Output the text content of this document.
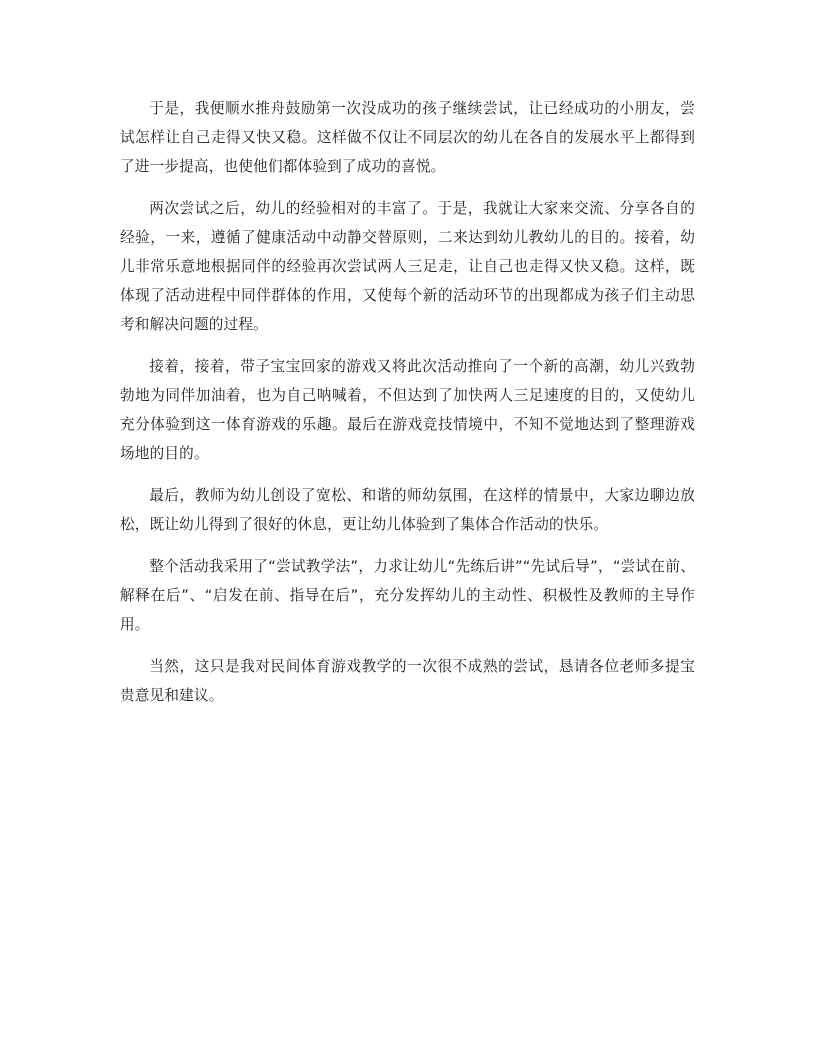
于是，我便顺水推舟鼓励第一次没成功的孩子继续尝试，让已经成功的小朋友，尝试怎样让自己走得又快又稳。这样做不仅让不同层次的幼儿在各自的发展水平上都得到了进一步提高，也使他们都体验到了成功的喜悦。

两次尝试之后，幼儿的经验相对的丰富了。于是，我就让大家来交流、分享各自的经验，一来，遵循了健康活动中动静交替原则，二来达到幼儿教幼儿的目的。接着，幼儿非常乐意地根据同伴的经验再次尝试两人三足走，让自己也走得又快又稳。这样，既体现了活动进程中同伴群体的作用，又使每个新的活动环节的出现都成为孩子们主动思考和解决问题的过程。

接着，接着，带子宝宝回家的游戏又将此次活动推向了一个新的高潮，幼儿兴致勃勃地为同伴加油着，也为自己呐喊着，不但达到了加快两人三足速度的目的，又使幼儿充分体验到这一体育游戏的乐趣。最后在游戏竞技情境中，不知不觉地达到了整理游戏场地的目的。

最后，教师为幼儿创设了宽松、和谐的师幼氛围，在这样的情景中，大家边聊边放松，既让幼儿得到了很好的休息，更让幼儿体验到了集体合作活动的快乐。

整个活动我采用了“尝试教学法”，力求让幼儿“先练后讲”“先试后导”，“尝试在前、解释在后”、“启发在前、指导在后”，充分发挥幼儿的主动性、积极性及教师的主导作用。

当然，这只是我对民间体育游戏教学的一次很不成熟的尝试，恳请各位老师多提宝贵意见和建议。
